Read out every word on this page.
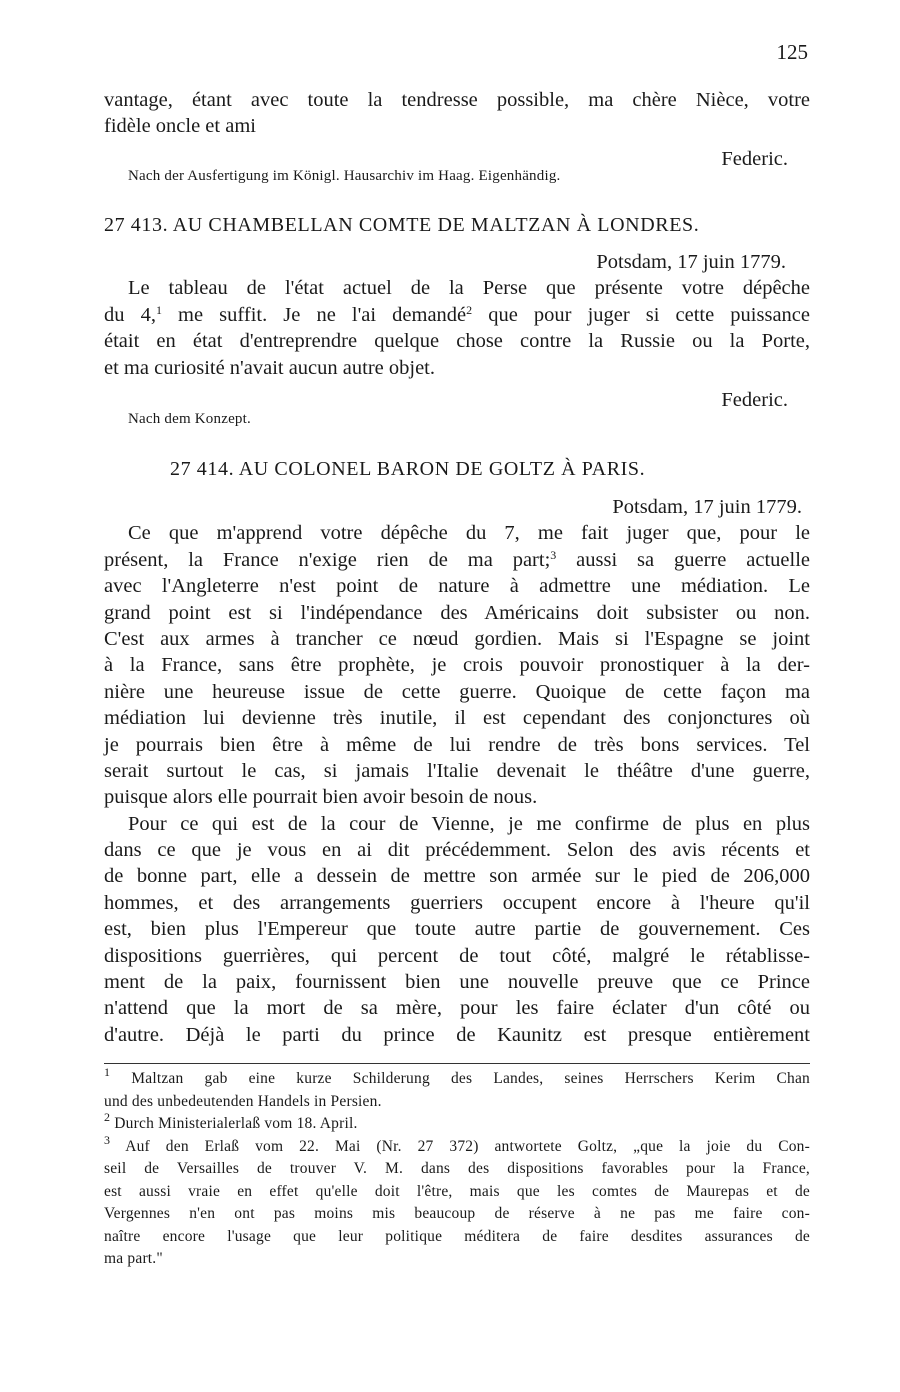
125
vantage, étant avec toute la tendresse possible, ma chère Nièce, votre
fidèle oncle et ami
Federic.
Nach der Ausfertigung im Königl. Hausarchiv im Haag. Eigenhändig.
27 413. AU CHAMBELLAN COMTE DE MALTZAN À LONDRES.
Potsdam, 17 juin 1779.
Le tableau de l'état actuel de la Perse que présente votre dépêche
du 4,$^1$ me suffit. Je ne l'ai demandé$^2$ que pour juger si cette puissance
était en état d'entreprendre quelque chose contre la Russie ou la Porte,
et ma curiosité n'avait aucun autre objet.
Federic.
Nach dem Konzept.
27 414. AU COLONEL BARON DE GOLTZ À PARIS.
Potsdam, 17 juin 1779.
Ce que m'apprend votre dépêche du 7, me fait juger que, pour le
présent, la France n'exige rien de ma part;$^3$ aussi sa guerre actuelle
avec l'Angleterre n'est point de nature à admettre une médiation. Le
grand point est si l'indépendance des Américains doit subsister ou non.
C'est aux armes à trancher ce nœud gordien. Mais si l'Espagne se joint
à la France, sans être prophète, je crois pouvoir pronostiquer à la der-
nière une heureuse issue de cette guerre. Quoique de cette façon ma
médiation lui devienne très inutile, il est cependant des conjonctures où
je pourrais bien être à même de lui rendre de très bons services. Tel
serait surtout le cas, si jamais l'Italie devenait le théâtre d'une guerre,
puisque alors elle pourrait bien avoir besoin de nous.
Pour ce qui est de la cour de Vienne, je me confirme de plus en plus
dans ce que je vous en ai dit précédemment. Selon des avis récents et
de bonne part, elle a dessein de mettre son armée sur le pied de 206,000
hommes, et des arrangements guerriers occupent encore à l'heure qu'il
est, bien plus l'Empereur que toute autre partie de gouvernement. Ces
dispositions guerrières, qui percent de tout côté, malgré le rétablisse-
ment de la paix, fournissent bien une nouvelle preuve que ce Prince
n'attend que la mort de sa mère, pour les faire éclater d'un côté ou
d'autre. Déjà le parti du prince de Kaunitz est presque entièrement
$^1$ Maltzan gab eine kurze Schilderung des Landes, seines Herrschers Kerim Chan
und des unbedeutenden Handels in Persien.
$^2$ Durch Ministerialerlaß vom 18. April.
$^3$ Auf den Erlaß vom 22. Mai (Nr. 27 372) antwortete Goltz, „que la joie du Con-
seil de Versailles de trouver V. M. dans des dispositions favorables pour la France,
est aussi vraie en effet qu'elle doit l'être, mais que les comtes de Maurepas et de
Vergennes n'en ont pas moins mis beaucoup de réserve à ne pas me faire con-
naître encore l'usage que leur politique méditera de faire desdites assurances de
ma part."
